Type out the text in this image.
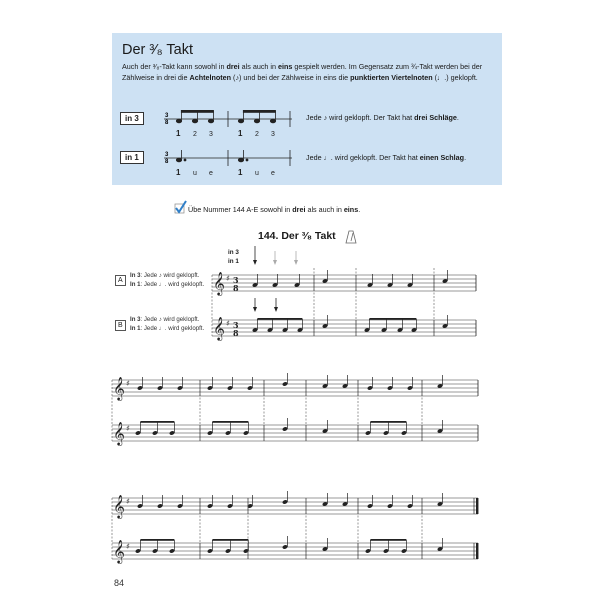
Der ³⁄₈ Takt
Auch der ³⁄₈-Takt kann sowohl in drei als auch in eins gespielt werden. Im Gegensatz zum ¾-Takt werden bei der Zählweise in drei die Achtelnoten (♪) und bei der Zählweise in eins die punktierten Viertelnoten (♩.) geklopft.
in 3
in 1
Jede ♪ wird geklopft. Der Takt hat drei Schläge.
Jede ♩. wird geklopft. Der Takt hat einen Schlag.
3
8
3
8
1 2 3	1 2 3
1 u e	1 u e
𝄞 ♯ 3
8
𝄞 ♯ 3
8
𝄞 ♯
𝄞 ♯
𝄞 ♯
𝄞 ♯
Übe Nummer 144 A-E sowohl in drei als auch in eins.
144. Der ³⁄₈ Takt
in 3
in 1
A
B
In 3: Jede ♪ wird geklopft.
In 1: Jede ♩. wird geklopft.
In 3: Jede ♪ wird geklopft.
In 1: Jede ♩. wird geklopft.
84
